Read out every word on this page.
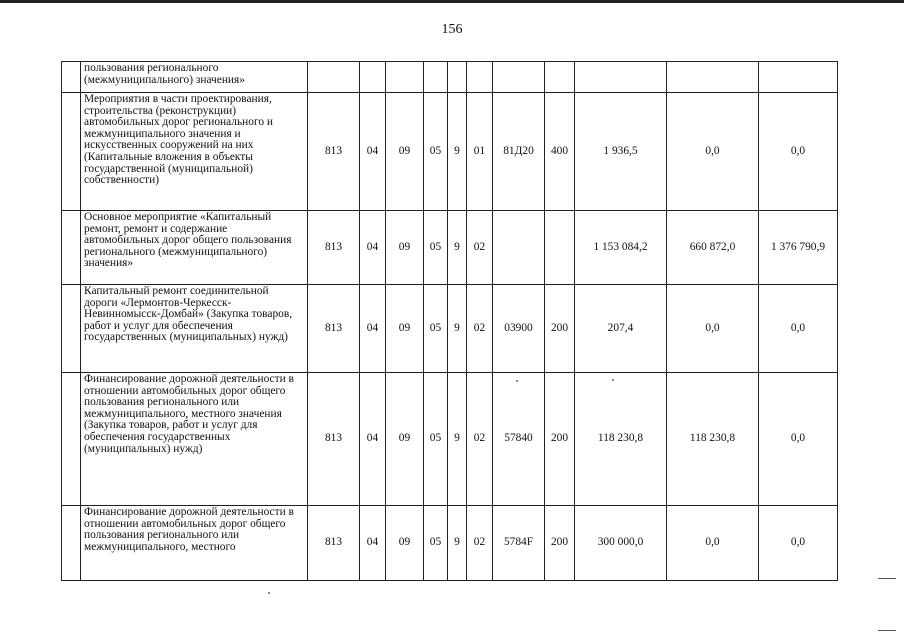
156
	пользования регионального (межмуниципального) значения»											
	Мероприятия в части проектирования, строительства (реконструкции) автомобильных дорог регионального и межмуниципального значения и искусственных сооружений на них (Капитальные вложения в объекты государственной (муниципальной) собственности)	813	04	09	05	9	01	81Д20	400	1 936,5	0,0	0,0
	Основное мероприятие «Капитальный ремонт, ремонт и содержание автомобильных дорог общего пользования регионального (межмуниципального) значения»	813	04	09	05	9	02			1 153 084,2	660 872,0	1 376 790,9
	Капитальный ремонт соединительной дороги «Лермонтов-Черкесск-Невинномысск-Домбай» (Закупка товаров, работ и услуг для обеспечения государственных (муниципальных) нужд)	813	04	09	05	9	02	03900	200	207,4	0,0	0,0
	Финансирование дорожной деятельности в отношении автомобильных дорог общего пользования регионального или межмуниципального, местного значения (Закупка товаров, работ и услуг для обеспечения государственных (муниципальных) нужд)	813	04	09	05	9	02	57840	200	118 230,8	118 230,8	0,0
	Финансирование дорожной деятельности в отношении автомобильных дорог общего пользования регионального или межмуниципального, местного	813	04	09	05	9	02	5784F	200	300 000,0	0,0	0,0
